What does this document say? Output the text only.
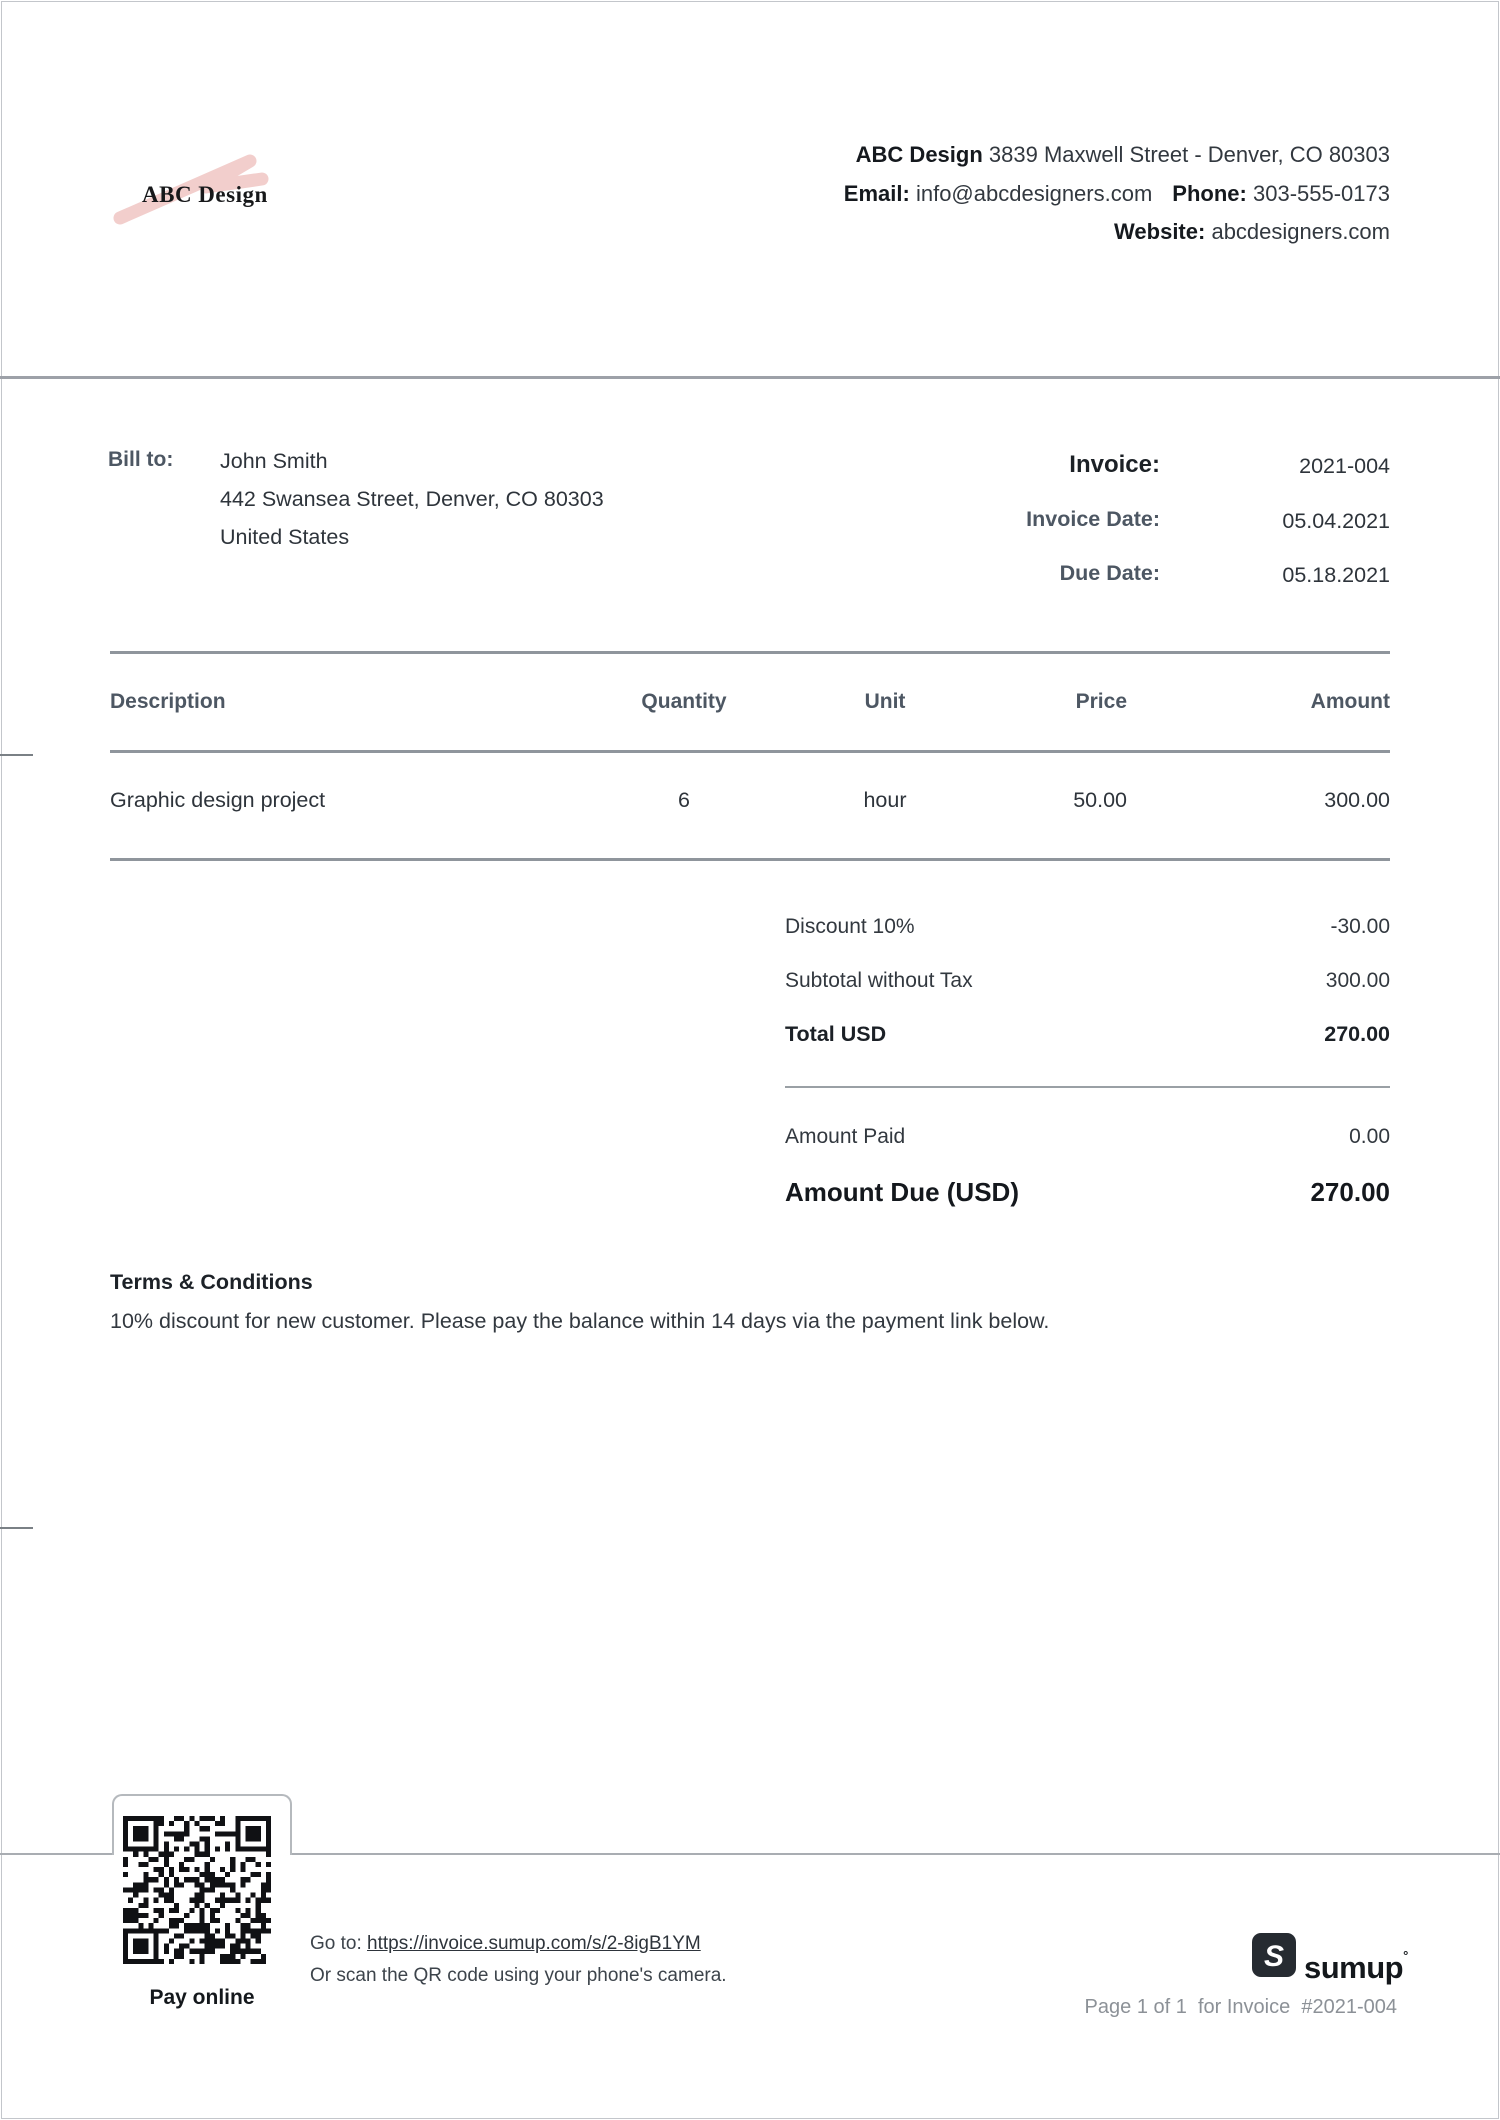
ABC Design
ABC Design 3839 Maxwell Street - Denver, CO 80303
Email: info@abcdesigners.com Phone: 303-555-0173
Website: abcdesigners.com
Bill to: John Smith
442 Swansea Street, Denver, CO 80303
United States
Invoice:	2021-004
Invoice Date:	05.04.2021
Due Date:	05.18.2021
Description	Quantity	Unit	Price	Amount
Graphic design project	6	hour	50.00	300.00
Discount 10%	-30.00
Subtotal without Tax	300.00
Total USD	270.00
Amount Paid	0.00
Amount Due (USD)	270.00
Terms & Conditions
10% discount for new customer. Please pay the balance within 14 days via the payment link below.
Pay online
Go to: https://invoice.sumup.com/s/2-8igB1YM
Or scan the QR code using your phone's camera.
S sumup°
Page 1 of 1  for Invoice  #2021-004
